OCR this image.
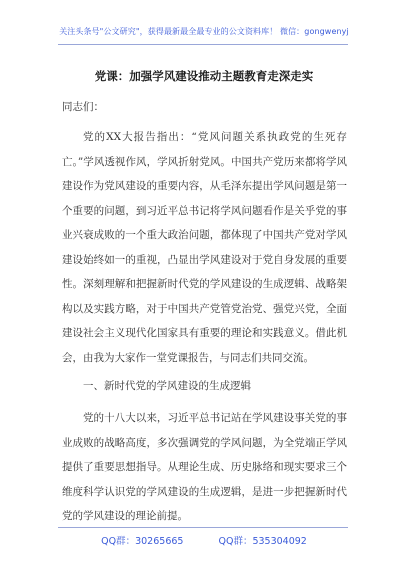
关注头条号"公文研究"，获得最新最全最专业的公文资料库！ 微信：gongwenyj
党课：加强学风建设推动主题教育走深走实
同志们：
党的XX大报告指出：“党风问题关系执政党的生死存亡。”学风透视作风，学风折射党风。中国共产党历来都将学风建设作为党风建设的重要内容，从毛泽东提出学风问题是第一个重要的问题，到习近平总书记将学风问题看作是关乎党的事业兴衰成败的一个重大政治问题，都体现了中国共产党对学风建设始终如一的重视，凸显出学风建设对于党自身发展的重要性。深刻理解和把握新时代党的学风建设的生成逻辑、战略架构以及实践方略，对于中国共产党管党治党、强党兴党，全面建设社会主义现代化国家具有重要的理论和实践意义。借此机会，由我为大家作一堂党课报告，与同志们共同交流。
一、新时代党的学风建设的生成逻辑
党的十八大以来，习近平总书记站在学风建设事关党的事业成败的战略高度，多次强调党的学风问题，为全党端正学风提供了重要思想指导。从理论生成、历史脉络和现实要求三个维度科学认识党的学风建设的生成逻辑，是进一步把握新时代党的学风建设的理论前提。
QQ群：30265665	QQ群：535304092
